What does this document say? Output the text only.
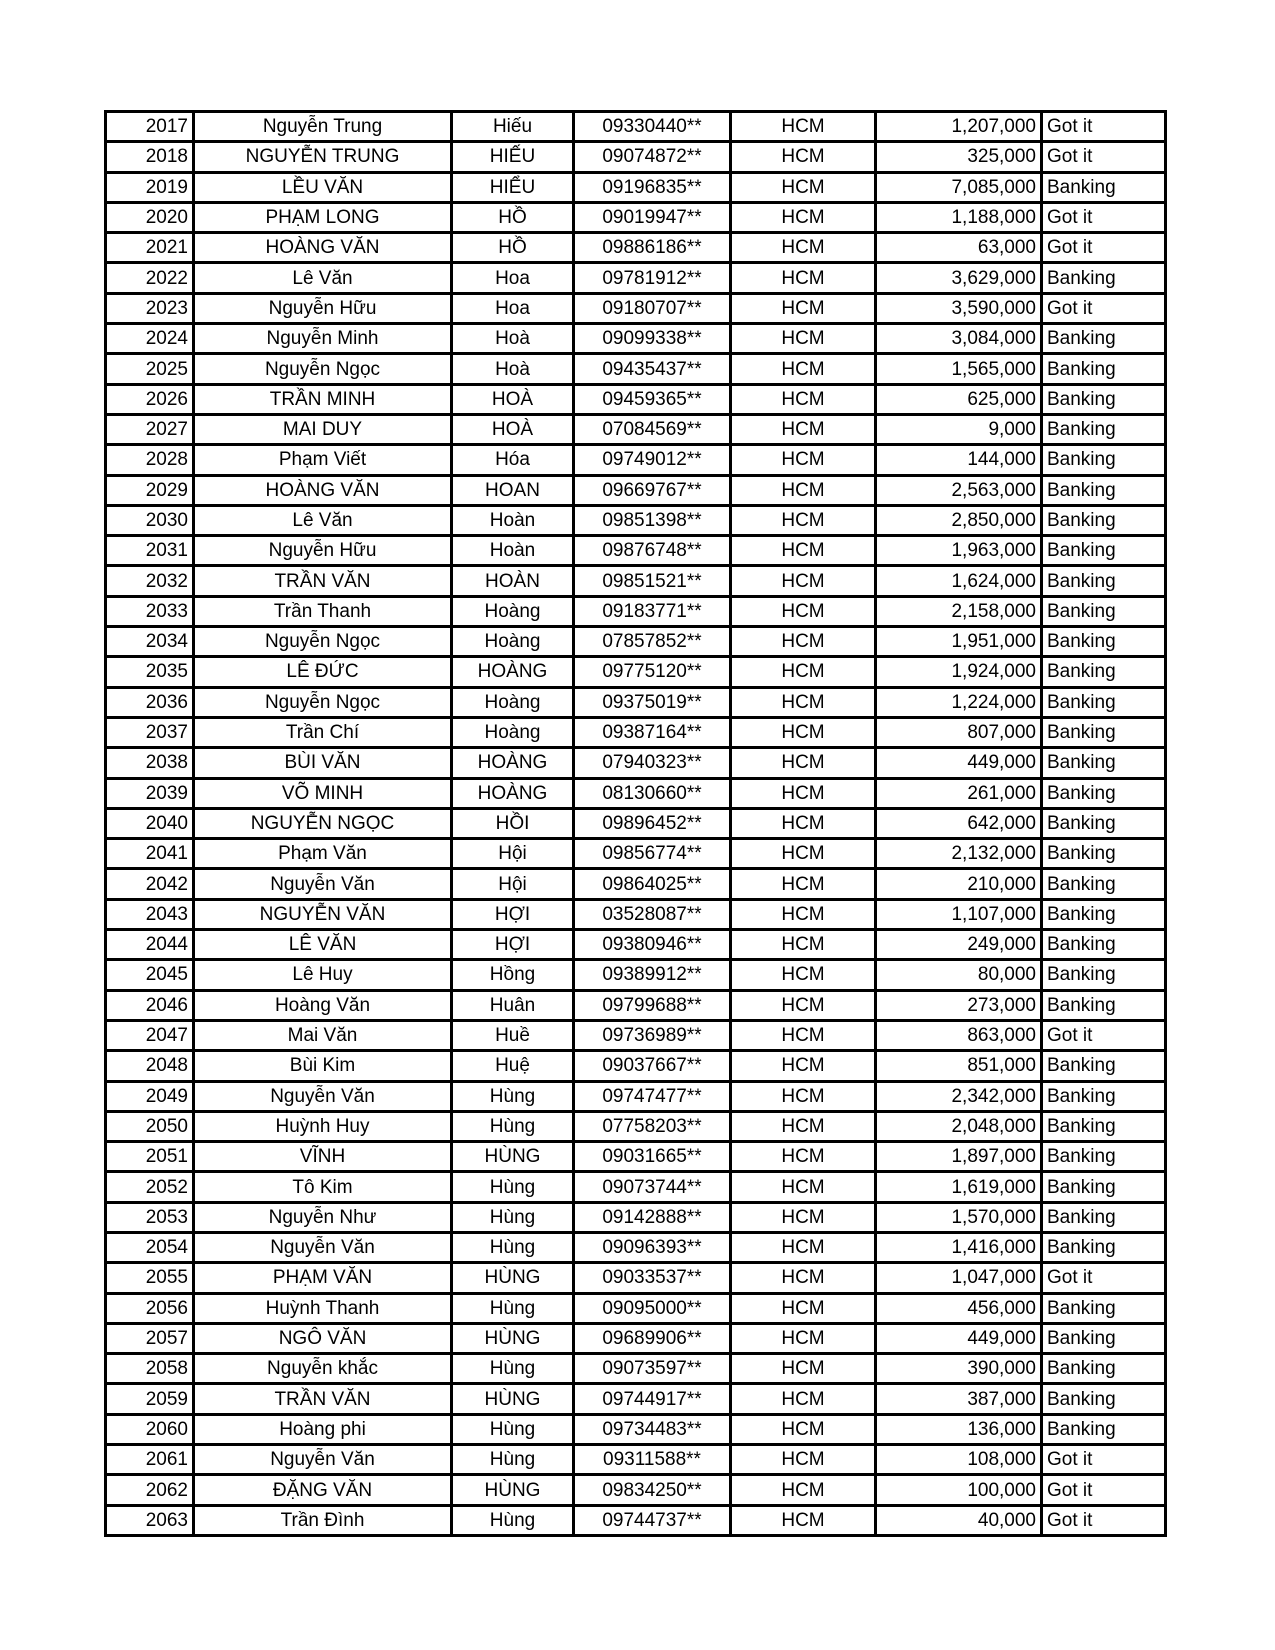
2017	Nguyễn Trung	Hiếu	09330440**	HCM	1,207,000	Got it
2018	NGUYỄN TRUNG	HIẾU	09074872**	HCM	325,000	Got it
2019	LỀU VĂN	HIỂU	09196835**	HCM	7,085,000	Banking
2020	PHẠM LONG	HỒ	09019947**	HCM	1,188,000	Got it
2021	HOÀNG VĂN	HỒ	09886186**	HCM	63,000	Got it
2022	Lê Văn	Hoa	09781912**	HCM	3,629,000	Banking
2023	Nguyễn Hữu	Hoa	09180707**	HCM	3,590,000	Got it
2024	Nguyễn Minh	Hoà	09099338**	HCM	3,084,000	Banking
2025	Nguyễn Ngọc	Hoà	09435437**	HCM	1,565,000	Banking
2026	TRẦN MINH	HOÀ	09459365**	HCM	625,000	Banking
2027	MAI DUY	HOÀ	07084569**	HCM	9,000	Banking
2028	Phạm Viết	Hóa	09749012**	HCM	144,000	Banking
2029	HOÀNG VĂN	HOAN	09669767**	HCM	2,563,000	Banking
2030	Lê Văn	Hoàn	09851398**	HCM	2,850,000	Banking
2031	Nguyễn Hữu	Hoàn	09876748**	HCM	1,963,000	Banking
2032	TRẦN VĂN	HOÀN	09851521**	HCM	1,624,000	Banking
2033	Trần Thanh	Hoàng	09183771**	HCM	2,158,000	Banking
2034	Nguyễn Ngọc	Hoàng	07857852**	HCM	1,951,000	Banking
2035	LÊ ĐỨC	HOÀNG	09775120**	HCM	1,924,000	Banking
2036	Nguyễn Ngọc	Hoàng	09375019**	HCM	1,224,000	Banking
2037	Trần Chí	Hoàng	09387164**	HCM	807,000	Banking
2038	BÙI VĂN	HOÀNG	07940323**	HCM	449,000	Banking
2039	VÕ MINH	HOÀNG	08130660**	HCM	261,000	Banking
2040	NGUYỄN NGỌC	HỒI	09896452**	HCM	642,000	Banking
2041	Phạm Văn	Hội	09856774**	HCM	2,132,000	Banking
2042	Nguyễn Văn	Hội	09864025**	HCM	210,000	Banking
2043	NGUYỄN VĂN	HỢI	03528087**	HCM	1,107,000	Banking
2044	LÊ VĂN	HỢI	09380946**	HCM	249,000	Banking
2045	Lê Huy	Hồng	09389912**	HCM	80,000	Banking
2046	Hoàng Văn	Huân	09799688**	HCM	273,000	Banking
2047	Mai Văn	Huề	09736989**	HCM	863,000	Got it
2048	Bùi Kim	Huệ	09037667**	HCM	851,000	Banking
2049	Nguyễn Văn	Hùng	09747477**	HCM	2,342,000	Banking
2050	Huỳnh Huy	Hùng	07758203**	HCM	2,048,000	Banking
2051	VĨNH	HÙNG	09031665**	HCM	1,897,000	Banking
2052	Tô Kim	Hùng	09073744**	HCM	1,619,000	Banking
2053	Nguyễn Như	Hùng	09142888**	HCM	1,570,000	Banking
2054	Nguyễn Văn	Hùng	09096393**	HCM	1,416,000	Banking
2055	PHẠM VĂN	HÙNG	09033537**	HCM	1,047,000	Got it
2056	Huỳnh Thanh	Hùng	09095000**	HCM	456,000	Banking
2057	NGÔ VĂN	HÙNG	09689906**	HCM	449,000	Banking
2058	Nguyễn khắc	Hùng	09073597**	HCM	390,000	Banking
2059	TRẦN VĂN	HÙNG	09744917**	HCM	387,000	Banking
2060	Hoàng phi	Hùng	09734483**	HCM	136,000	Banking
2061	Nguyễn Văn	Hùng	09311588**	HCM	108,000	Got it
2062	ĐẶNG VĂN	HÙNG	09834250**	HCM	100,000	Got it
2063	Trần Đình	Hùng	09744737**	HCM	40,000	Got it
